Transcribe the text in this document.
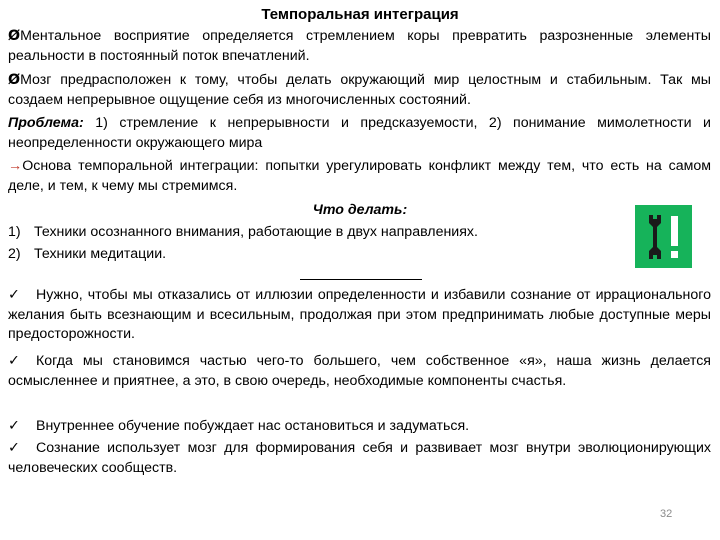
Темпоральная интеграция

ØМентальное восприятие определяется стремлением коры превратить разрозненные элементы реальности в постоянный поток впечатлений.

ØМозг предрасположен к тому, чтобы делать окружающий мир целостным и стабильным. Так мы создаем непрерывное ощущение себя из многочисленных состояний.

Проблема: 1) стремление к непрерывности и предсказуемости, 2) понимание мимолетности и неопределенности окружающего мира

→Основа темпоральной интеграции: попытки урегулировать конфликт между тем, что есть на самом деле, и тем, к чему мы стремимся.

Что делать:
1) Техники осознанного внимания, работающие в двух направлениях.
2) Техники медитации.

✓ Нужно, чтобы мы отказались от иллюзии определенности и избавили сознание от иррационального желания быть всезнающим и всесильным, продолжая при этом предпринимать любые доступные меры предосторожности.

✓ Когда мы становимся частью чего-то большего, чем собственное «я», наша жизнь делается осмысленнее и приятнее, а это, в свою очередь, необходимые компоненты счастья.

✓ Внутреннее обучение побуждает нас остановиться и задуматься.

✓ Сознание использует мозг для формирования себя и развивает мозг внутри эволюционирующих человеческих сообществ.

32
